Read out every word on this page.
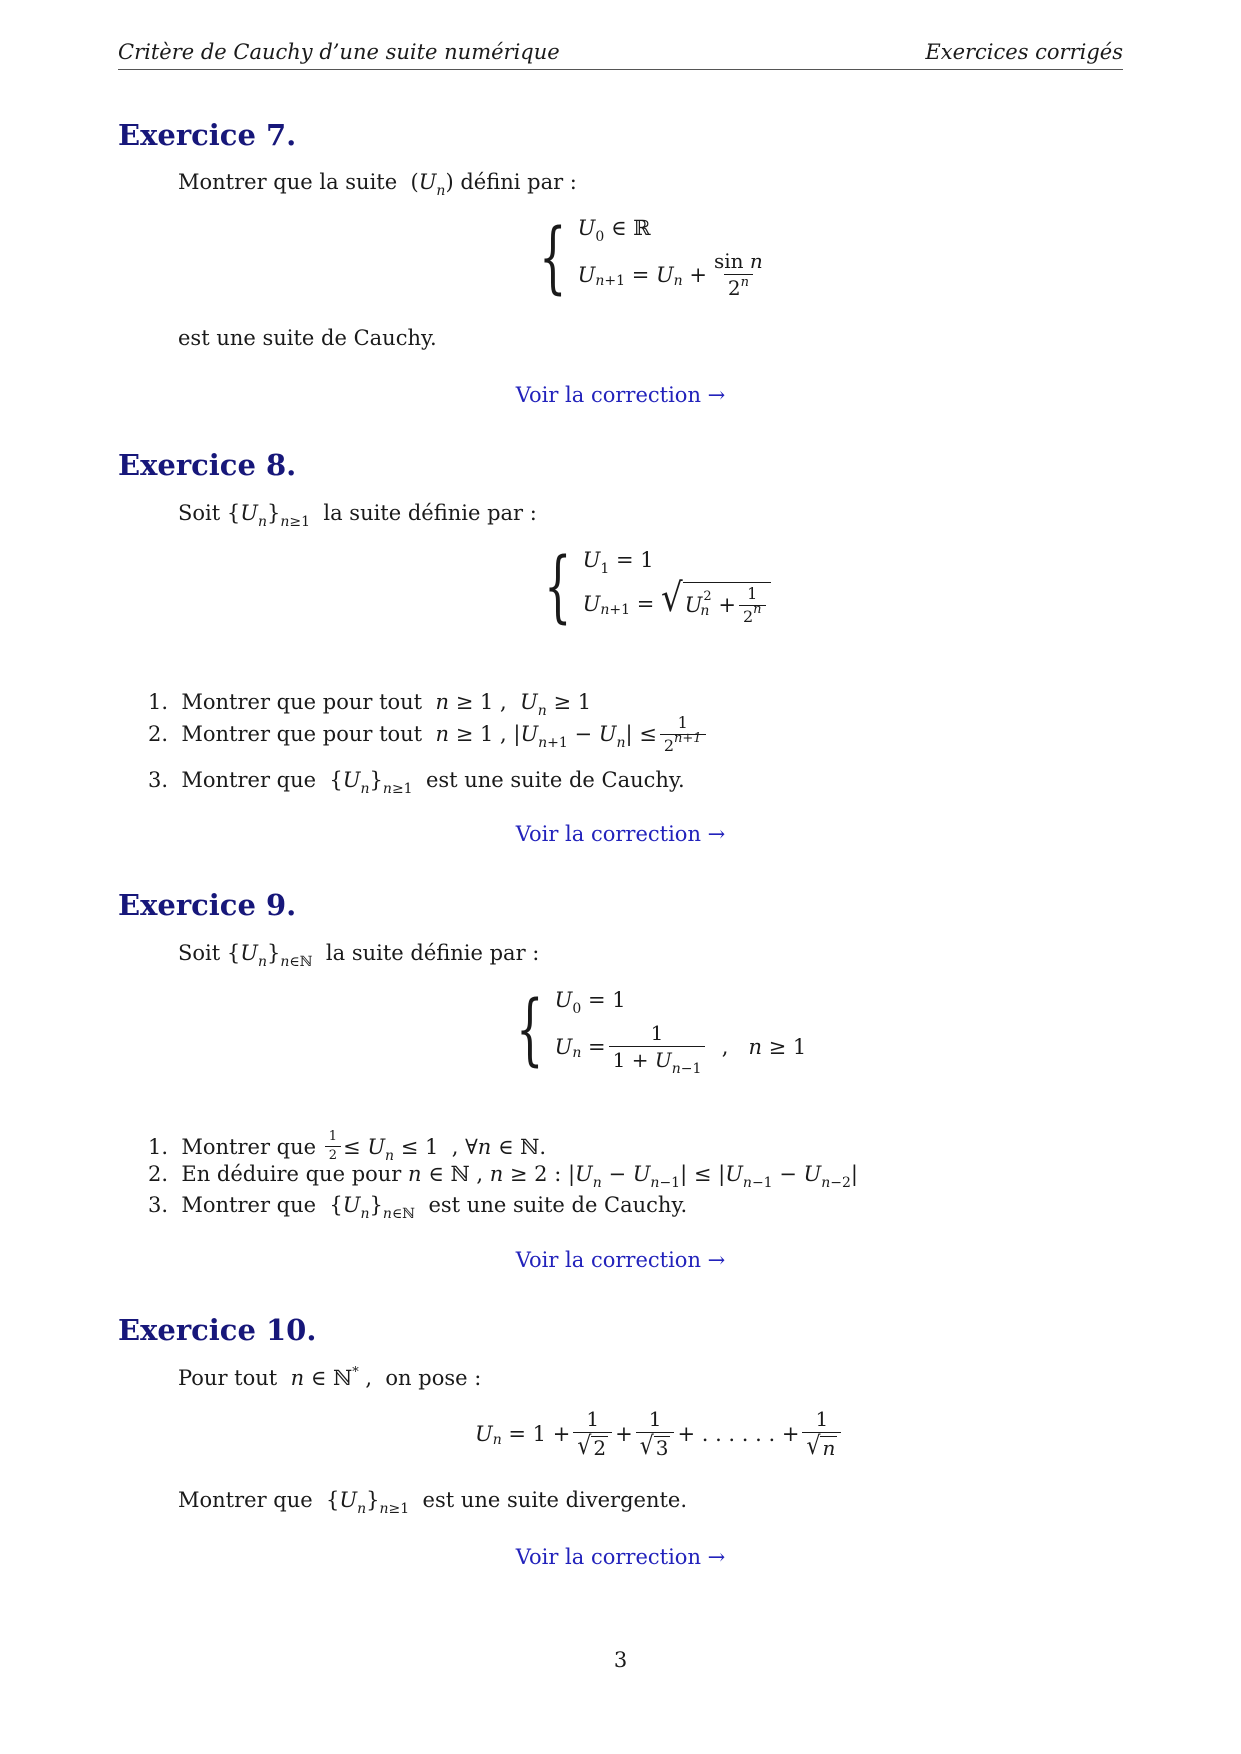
Critère de Cauchy d’une suite numérique	Exercices corrigés
Exercice 7.
Montrer que la suite  $(U_n)$ défini par :
{ $U_0$ ∈ ℝ
U n +1 = U $n + \frac{\text{sin n}}{2^n}$
est une suite de Cauchy.
Voir la correction →
Exercice 8.
Soit $\{U_n\}_{n\ge 1}$ la suite définie par :
{ $U_1 = 1$
U n +1 = √ U
n
$2 + \frac{1}{2^n}$
1.  Montrer que pour tout n ≥ 1 ,  $U_n \ge 1$
2. Montrer que pour tout n ≥ 1 , $|U_{n+1} - U_n| \le \frac{1}{2^{n+1}}$
3.  Montrer que  $\{U_n\}_{n\ge 1}$ est une suite de Cauchy.
Voir la correction →
Exercice 9.
Soit $\{U_n\}_{n\in ℕ}$ la suite définie par :
{ $U_0 = 1$
U $n = \frac{1}{1 + U_{n-1}}$ , n ≥ 1
1. Montrer que
$\frac{1}{2} \le U_n \le 1$  , ∀n ∈ ℕ.
2.  En déduire que pour n ∈ ℕ , n ≥ 2 : $|U_n - U_{n-1}| \le |U_{n-1} - U_{n-2}|$
3.  Montrer que  $\{U_n\}_{n\in ℕ}$ est une suite de Cauchy.
Voir la correction →
Exercice 10.
Pour tout n ∈ ℕ* ,  on pose :
U $n = 1 + \frac{1}{√ 2} + \frac{1}{√ 3}$ + . . . . . . + $\frac{1}{√ n}$
Montrer que  $\{U_n\}_{n\ge 1}$ est une suite divergente.
Voir la correction →
3
